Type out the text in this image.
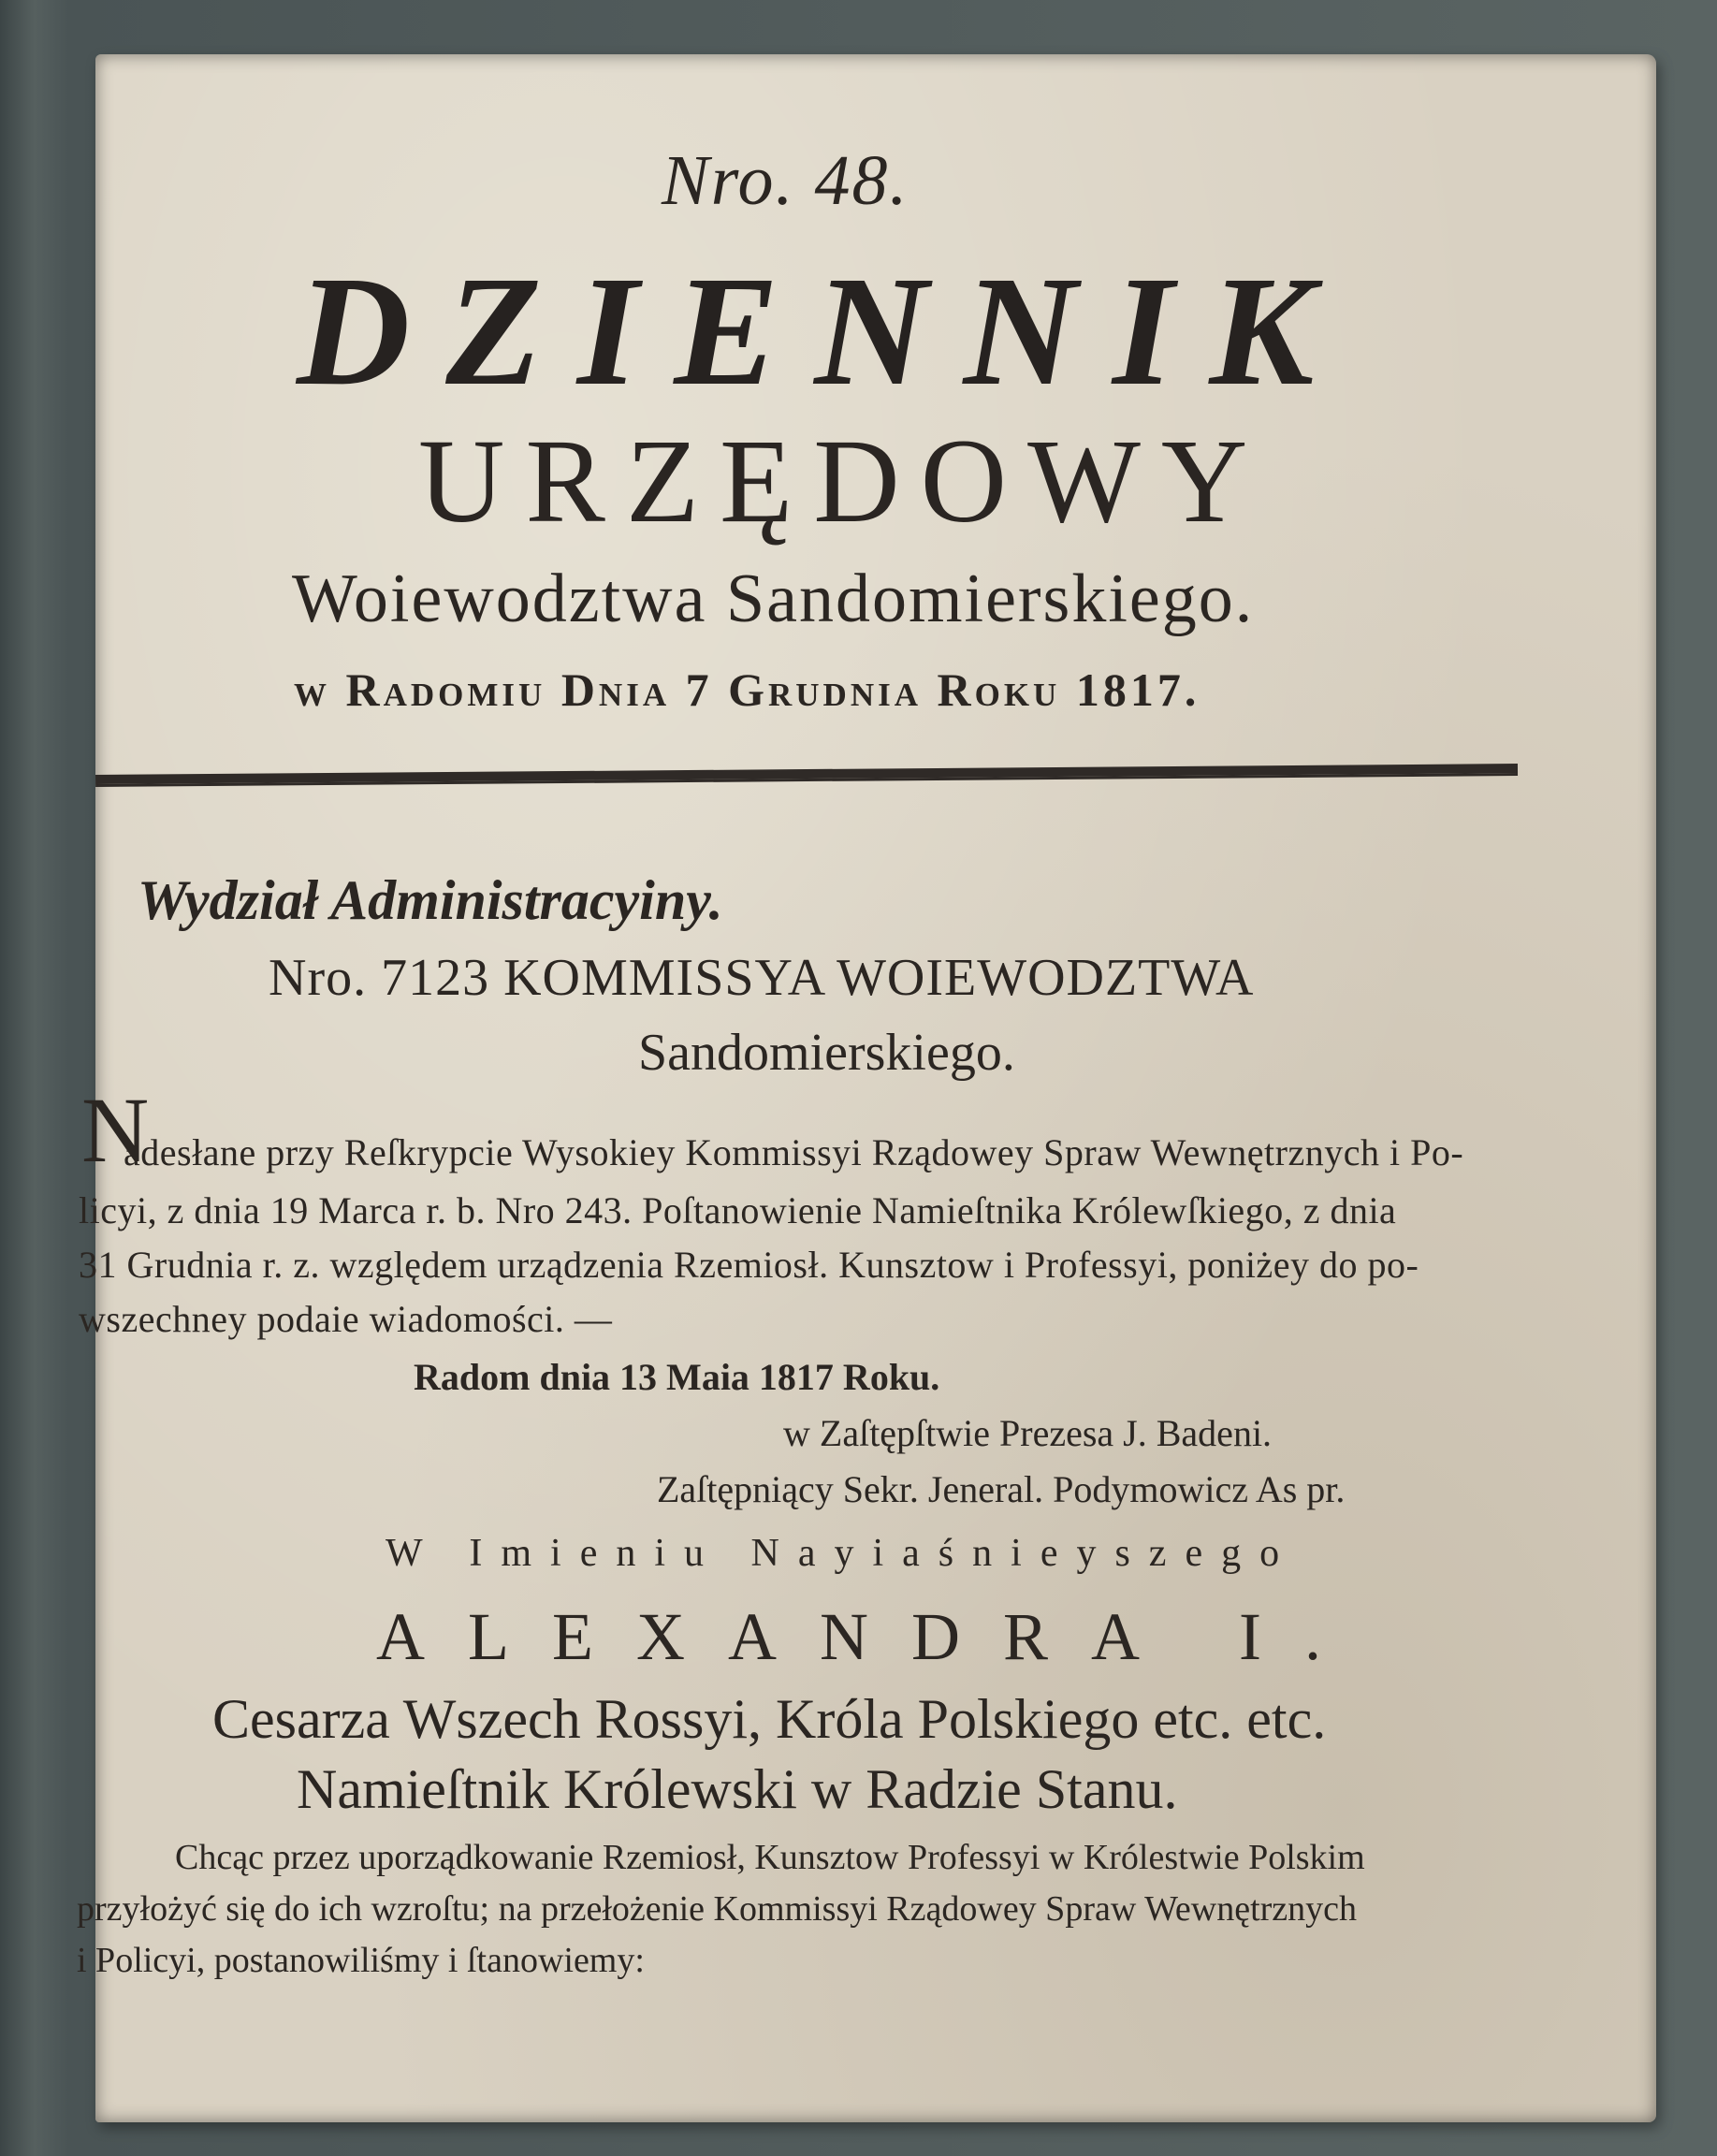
Nro. 48.
DZIENNIK
URZĘDOWY
Woiewodztwa Sandomierskiego.
w Radomiu Dnia 7 Grudnia Roku 1817.
Wydział Administracyiny.
Nro. 7123 KOMMISSYA WOIEWODZTWA
Sandomierskiego.
N
adesłane przy Reſkrypcie Wysokiey Kommissyi Rządowey Spraw Wewnętrznych i Po-
licyi, z dnia 19 Marca r. b. Nro 243. Poſtanowienie Namieſtnika Królewſkiego, z dnia
31 Grudnia r. z. względem urządzenia Rzemiosł. Kunsztow i Professyi, poniżey do po-
wszechney podaie wiadomości. —
Radom dnia 13 Maia 1817 Roku.
w Zaſtępſtwie Prezesa J. Badeni.
Zaſtępniący Sekr. Jeneral. Podymowicz As pr.
W Imieniu Nayiaśnieyszego
ALEXANDRA I.
Cesarza Wszech Rossyi, Króla Polskiego etc. etc.
Namieſtnik Królewski w Radzie Stanu.
Chcąc przez uporządkowanie Rzemiosł, Kunsztow Professyi w Królestwie Polskim
przyłożyć się do ich wzroſtu; na przełożenie Kommissyi Rządowey Spraw Wewnętrznych
i Policyi, postanowiliśmy i ſtanowiemy:
